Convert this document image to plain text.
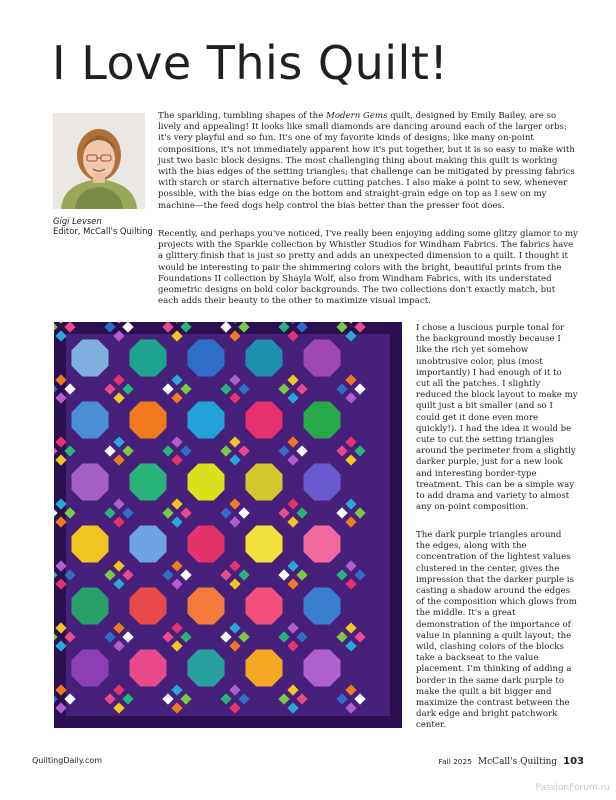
I Love This Quilt!
Gigi Levsen
Editor, McCall's Quilting

The sparkling, tumbling shapes of the Modern Gems quilt, designed by Emily Bailey, are so lively and appealing! It looks like small diamonds are dancing around each of the larger orbs; it's very playful and so fun. It's one of my favorite kinds of designs; like many on-point compositions, it's not immediately apparent how it's put together, but it is so easy to make with just two basic block designs. The most challenging thing about making this quilt is working with the bias edges of the setting triangles; that challenge can be mitigated by pressing fabrics with starch or starch alternative before cutting patches. I also make a point to sew, whenever possible, with the bias edge on the bottom and straight-grain edge on top as I sew on my machine—the feed dogs help control the bias better than the presser foot does.

Recently, and perhaps you've noticed, I've really been enjoying adding some glitzy glamor to my projects with the Sparkle collection by Whistler Studios for Windham Fabrics. The fabrics have a glittery finish that is just so pretty and adds an unexpected dimension to a quilt. I thought it would be interesting to pair the shimmering colors with the bright, beautiful prints from the Foundations II collection by Shayla Wolf, also from Windham Fabrics, with its understated geometric designs on bold color backgrounds. The two collections don't exactly match, but each adds their beauty to the other to maximize visual impact.

I chose a luscious purple tonal for the background mostly because I like the rich yet somehow unobtrusive color, plus (most importantly) I had enough of it to cut all the patches. I slightly reduced the block layout to make my quilt just a bit smaller (and so I could get it done even more quickly!). I had the idea it would be cute to cut the setting triangles around the perimeter from a slightly darker purple, just for a new look and interesting border-type treatment. This can be a simple way to add drama and variety to almost any on-point composition.

The dark purple triangles around the edges, along with the concentration of the lightest values clustered in the center, gives the impression that the darker purple is casting a shadow around the edges of the composition which glows from the middle. It's a great demonstration of the importance of value in planning a quilt layout; the wild, clashing colors of the blocks take a backseat to the value placement. I'm thinking of adding a border in the same dark purple to make the quilt a bit bigger and maximize the contrast between the dark edge and bright patchwork center.

QuiltingDaily.com	Fall 2025 McCall's Quilting 103
PassionForum.ru
